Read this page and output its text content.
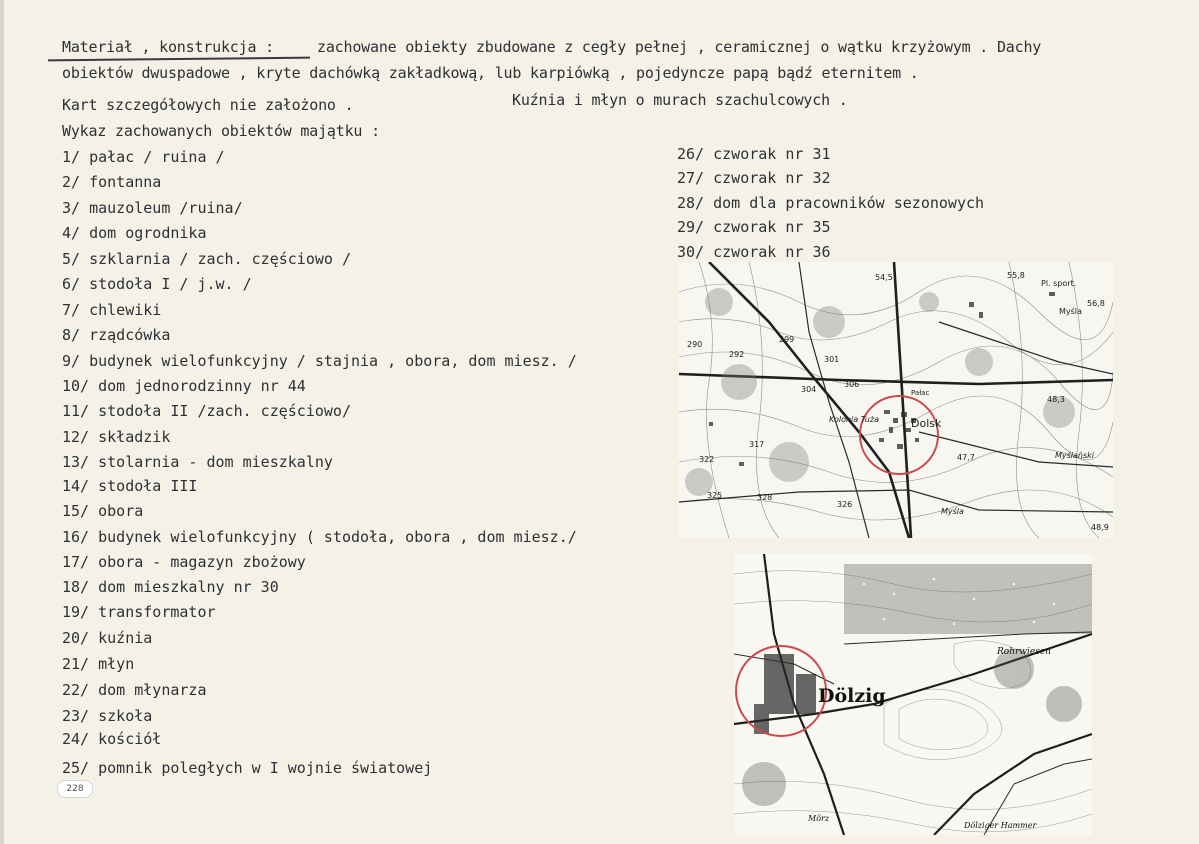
Materiał , konstrukcja :	zachowane obiekty zbudowane z cegły pełnej , ceramicznej o wątku krzyżowym . Dachy
obiektów dwuspadowe , kryte dachówką zakładkową, lub karpiówką , pojedyncze papą bądź eternitem .
Kart szczegółowych nie założono .	Kuźnia i młyn o murach szachulcowych .
Wykaz zachowanych obiektów majątku :
1/ pałac / ruina /
2/ fontanna
3/ mauzoleum /ruina/
4/ dom ogrodnika
5/ szklarnia / zach. częściowo /
6/ stodoła I / j.w. /
7/ chlewiki
8/ rządcówka
9/ budynek wielofunkcyjny / stajnia , obora, dom miesz. /
10/ dom jednorodzinny nr 44
11/ stodoła II /zach. częściowo/
12/ składzik
13/ stolarnia - dom mieszkalny
14/ stodoła III
15/ obora
16/ budynek wielofunkcyjny ( stodoła, obora , dom miesz./
17/ obora - magazyn zbożowy
18/ dom mieszkalny nr 30
19/ transformator
20/ kuźnia
21/ młyn
22/ dom młynarza
23/ szkoła
24/ kościół
25/ pomnik poległych w I wojnie światowej
26/ czworak nr 31
27/ czworak nr 32
28/ dom dla pracowników sezonowych
29/ czworak nr 35
30/ czworak nr 36
54,5	55,8
Pl. sport.
Myśla
56,8
290
292
299
301
304
306
317
322
325	328
326
47,7
48,3
48,9
Dolsk
Kolonia Tuża
Myśla
Myślański
Pałac
Dölzig
Rohrwiesen
Dölziger Hammer
Mörz
228
